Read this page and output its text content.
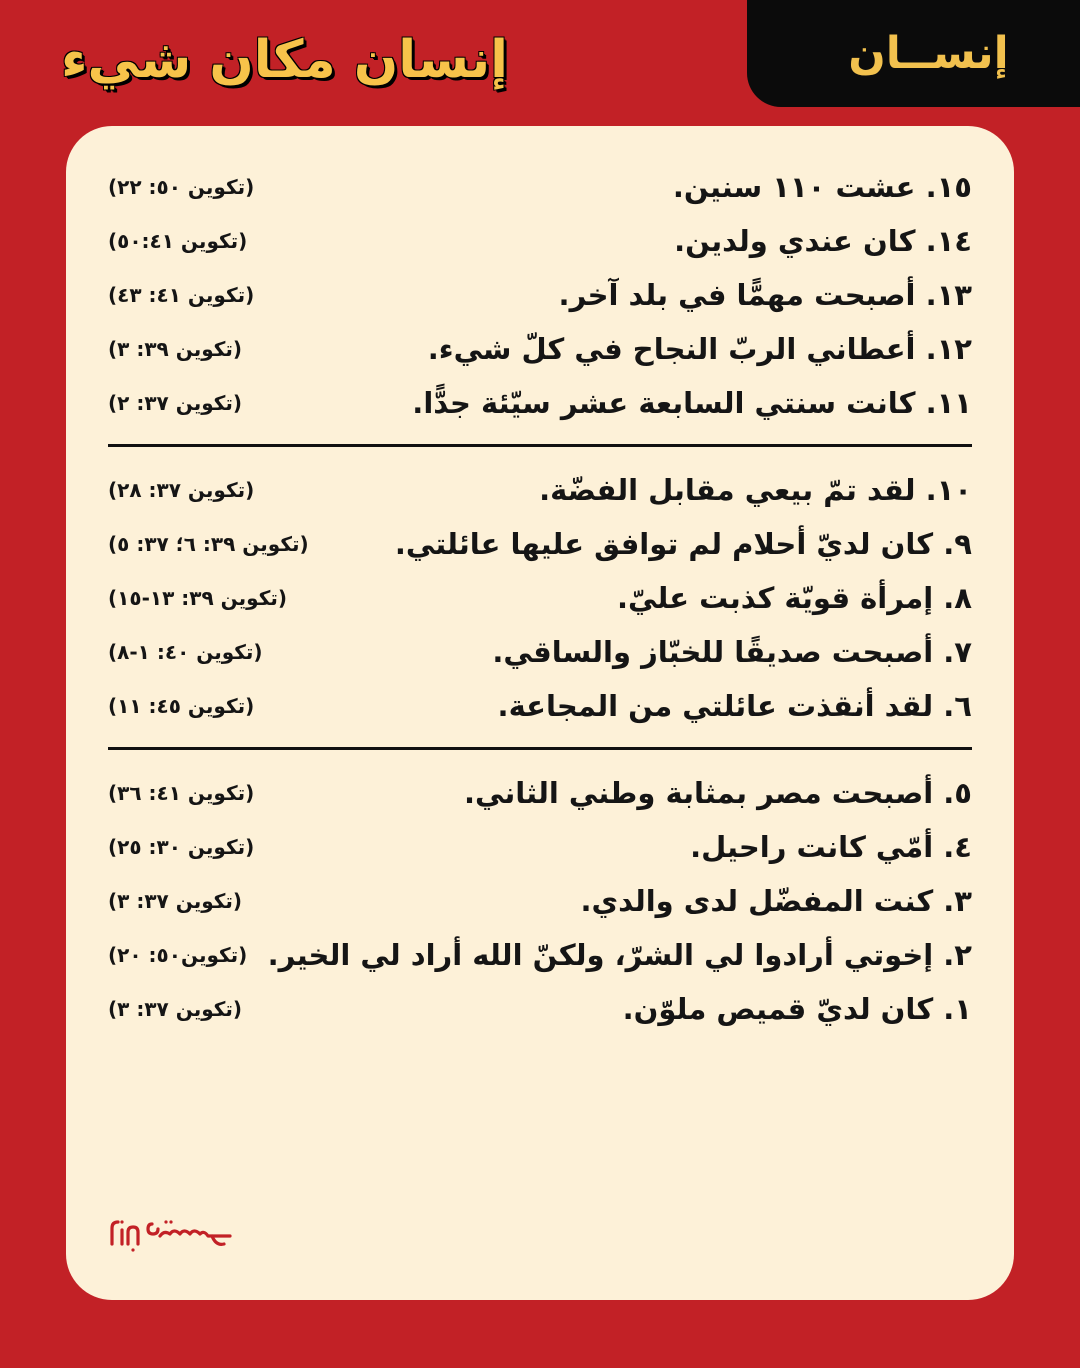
إنســان
إنسان مكان شيء
١٥. عشت ١١٠ سنين.
(تكوين ٥٠: ٢٢)
١٤. كان عندي ولدين.
(تكوين ٥٠:٤١)
١٣. أصبحت مهمًّا في بلد آخر.
(تكوين ٤١: ٤٣)
١٢. أعطاني الربّ النجاح في كلّ شيء.
(تكوين ٣٩: ٣)
١١. كانت سنتي السابعة عشر سيّئة جدًّا.
(تكوين ٣٧: ٢)
١٠. لقد تمّ بيعي مقابل الفضّة.
(تكوين ٣٧: ٢٨)
٩. كان لديّ أحلام لم توافق عليها عائلتي.
(تكوين ٣٩: ٦؛ ٣٧: ٥)
٨. إمرأة قويّة كذبت عليّ.
(تكوين ٣٩: ١٣-١٥)
٧. أصبحت صديقًا للخبّاز والساقي.
(تكوين ٤٠: ١-٨)
٦. لقد أنقذت عائلتي من المجاعة.
(تكوين ٤٥: ١١)
٥. أصبحت مصر بمثابة وطني الثاني.
(تكوين ٤١: ٣٦)
٤. أمّي كانت راحيل.
(تكوين ٣٠: ٢٥)
٣. كنت المفضّل لدى والدي.
(تكوين ٣٧: ٣)
٢. إخوتي أرادوا لي الشرّ، ولكنّ الله أراد لي الخير.
(تكوين٥٠: ٢٠)
١. كان لديّ قميص ملوّن.
(تكوين ٣٧: ٣)
